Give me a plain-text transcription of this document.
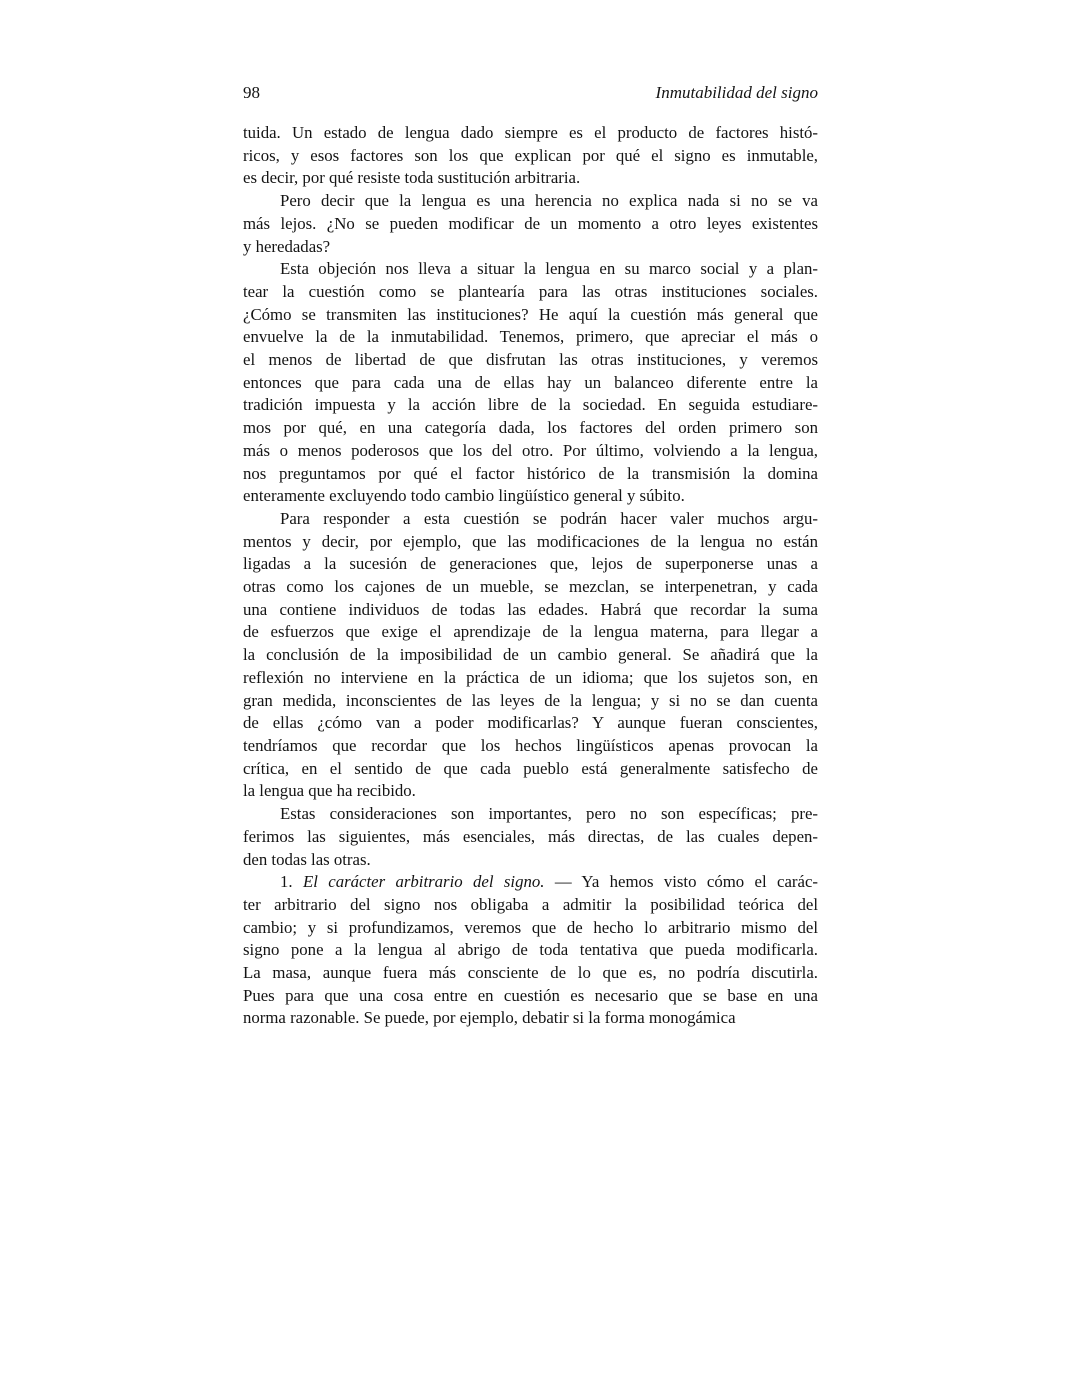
98	Inmutabilidad del signo
tuida. Un estado de lengua dado siempre es el producto de factores histó-
ricos, y esos factores son los que explican por qué el signo es inmutable,
es decir, por qué resiste toda sustitución arbitraria.
Pero decir que la lengua es una herencia no explica nada si no se va
más lejos. ¿No se pueden modificar de un momento a otro leyes existentes
y heredadas?
Esta objeción nos lleva a situar la lengua en su marco social y a plan-
tear la cuestión como se plantearía para las otras instituciones sociales.
¿Cómo se transmiten las instituciones? He aquí la cuestión más general que
envuelve la de la inmutabilidad. Tenemos, primero, que apreciar el más o
el menos de libertad de que disfrutan las otras instituciones, y veremos
entonces que para cada una de ellas hay un balanceo diferente entre la
tradición impuesta y la acción libre de la sociedad. En seguida estudiare-
mos por qué, en una categoría dada, los factores del orden primero son
más o menos poderosos que los del otro. Por último, volviendo a la lengua,
nos preguntamos por qué el factor histórico de la transmisión la domina
enteramente excluyendo todo cambio lingüístico general y súbito.
Para responder a esta cuestión se podrán hacer valer muchos argu-
mentos y decir, por ejemplo, que las modificaciones de la lengua no están
ligadas a la sucesión de generaciones que, lejos de superponerse unas a
otras como los cajones de un mueble, se mezclan, se interpenetran, y cada
una contiene individuos de todas las edades. Habrá que recordar la suma
de esfuerzos que exige el aprendizaje de la lengua materna, para llegar a
la conclusión de la imposibilidad de un cambio general. Se añadirá que la
reflexión no interviene en la práctica de un idioma; que los sujetos son, en
gran medida, inconscientes de las leyes de la lengua; y si no se dan cuenta
de ellas ¿cómo van a poder modificarlas? Y aunque fueran conscientes,
tendríamos que recordar que los hechos lingüísticos apenas provocan la
crítica, en el sentido de que cada pueblo está generalmente satisfecho de
la lengua que ha recibido.
Estas consideraciones son importantes, pero no son específicas; pre-
ferimos las siguientes, más esenciales, más directas, de las cuales depen-
den todas las otras.
1. El carácter arbitrario del signo. — Ya hemos visto cómo el carác-
ter arbitrario del signo nos obligaba a admitir la posibilidad teórica del
cambio; y si profundizamos, veremos que de hecho lo arbitrario mismo del
signo pone a la lengua al abrigo de toda tentativa que pueda modificarla.
La masa, aunque fuera más consciente de lo que es, no podría discutirla.
Pues para que una cosa entre en cuestión es necesario que se base en una
norma razonable. Se puede, por ejemplo, debatir si la forma monogámica
